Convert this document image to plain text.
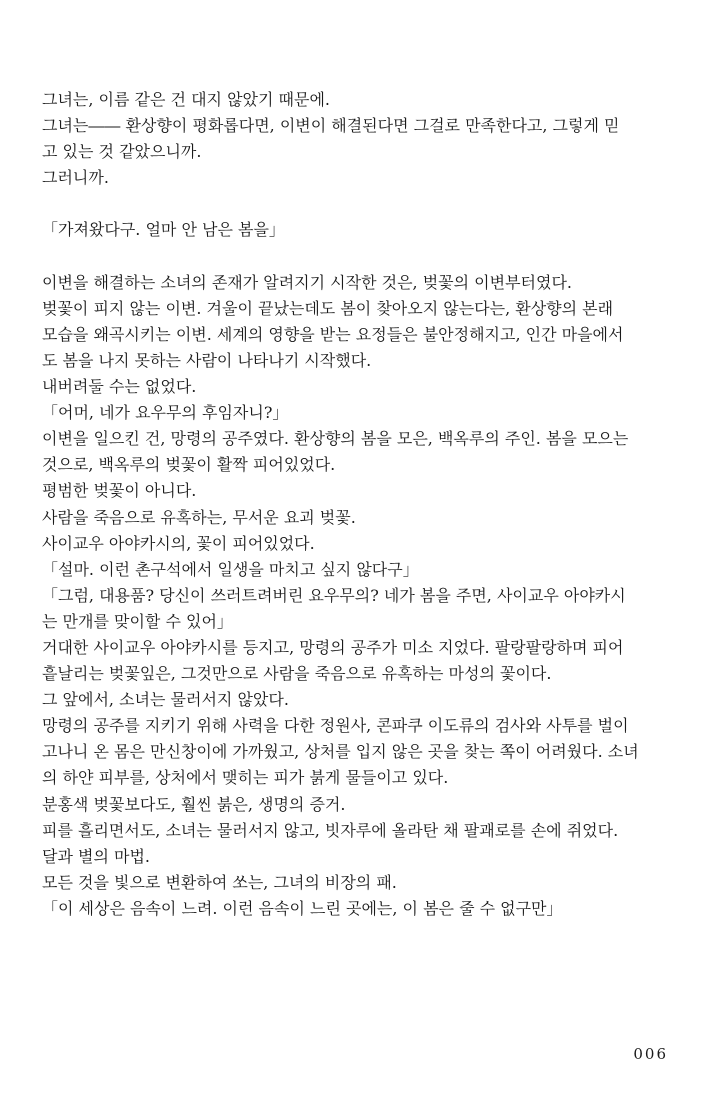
그녀는, 이름 같은 건 대지 않았기 때문에.
그녀는―― 환상향이 평화롭다면, 이변이 해결된다면 그걸로 만족한다고, 그렇게 믿
고 있는 것 같았으니까.
그러니까.
「가져왔다구. 얼마 안 남은 봄을」
이변을 해결하는 소녀의 존재가 알려지기 시작한 것은, 벚꽃의 이변부터였다.
벚꽃이 피지 않는 이변. 겨울이 끝났는데도 봄이 찾아오지 않는다는, 환상향의 본래
모습을 왜곡시키는 이변. 세계의 영향을 받는 요정들은 불안정해지고, 인간 마을에서
도 봄을 나지 못하는 사람이 나타나기 시작했다.
내버려둘 수는 없었다.
「어머, 네가 요우무의 후임자니?」
이변을 일으킨 건, 망령의 공주였다. 환상향의 봄을 모은, 백옥루의 주인. 봄을 모으는
것으로, 백옥루의 벚꽃이 활짝 피어있었다.
평범한 벚꽃이 아니다.
사람을 죽음으로 유혹하는, 무서운 요괴 벚꽃.
사이교우 아야카시의, 꽃이 피어있었다.
「설마. 이런 촌구석에서 일생을 마치고 싶지 않다구」
「그럼, 대용품? 당신이 쓰러트려버린 요우무의? 네가 봄을 주면, 사이교우 아야카시
는 만개를 맞이할 수 있어」
거대한 사이교우 아야카시를 등지고, 망령의 공주가 미소 지었다. 팔랑팔랑하며 피어
흩날리는 벚꽃잎은, 그것만으로 사람을 죽음으로 유혹하는 마성의 꽃이다.
그 앞에서, 소녀는 물러서지 않았다.
망령의 공주를 지키기 위해 사력을 다한 정원사, 콘파쿠 이도류의 검사와 사투를 벌이
고나니 온 몸은 만신창이에 가까웠고, 상처를 입지 않은 곳을 찾는 쪽이 어려웠다. 소녀
의 하얀 피부를, 상처에서 맺히는 피가 붉게 물들이고 있다.
분홍색 벚꽃보다도, 훨씬 붉은, 생명의 증거.
피를 흘리면서도, 소녀는 물러서지 않고, 빗자루에 올라탄 채 팔괘로를 손에 쥐었다.
달과 별의 마법.
모든 것을 빛으로 변환하여 쏘는, 그녀의 비장의 패.
「이 세상은 음속이 느려. 이런 음속이 느린 곳에는, 이 봄은 줄 수 없구만」
006
